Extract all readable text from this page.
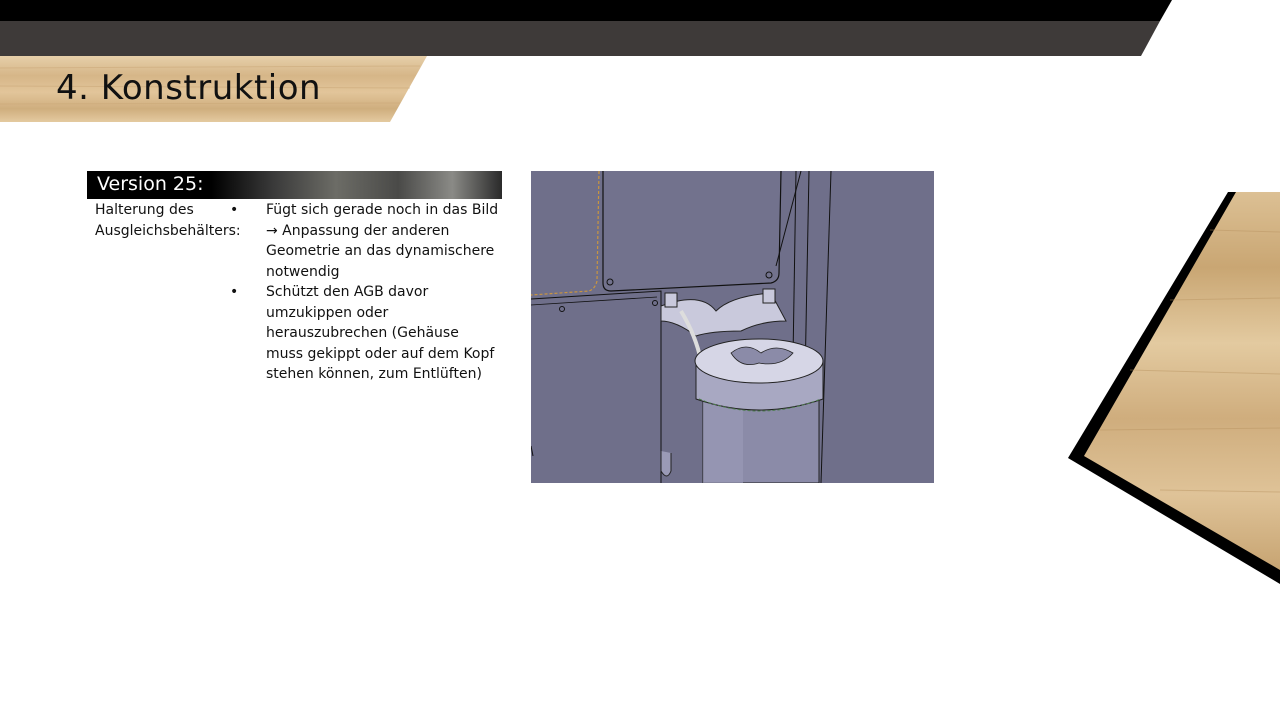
4. Konstruktion
Version 25:
Halterung des Ausgleichsbehälters:
• Fügt sich gerade noch in das Bild → Anpassung der anderen Geometrie an das dynamischere notwendig
• Schützt den AGB davor umzukippen oder herauszubrechen (Gehäuse muss gekippt oder auf dem Kopf stehen können, zum Entlüften)
